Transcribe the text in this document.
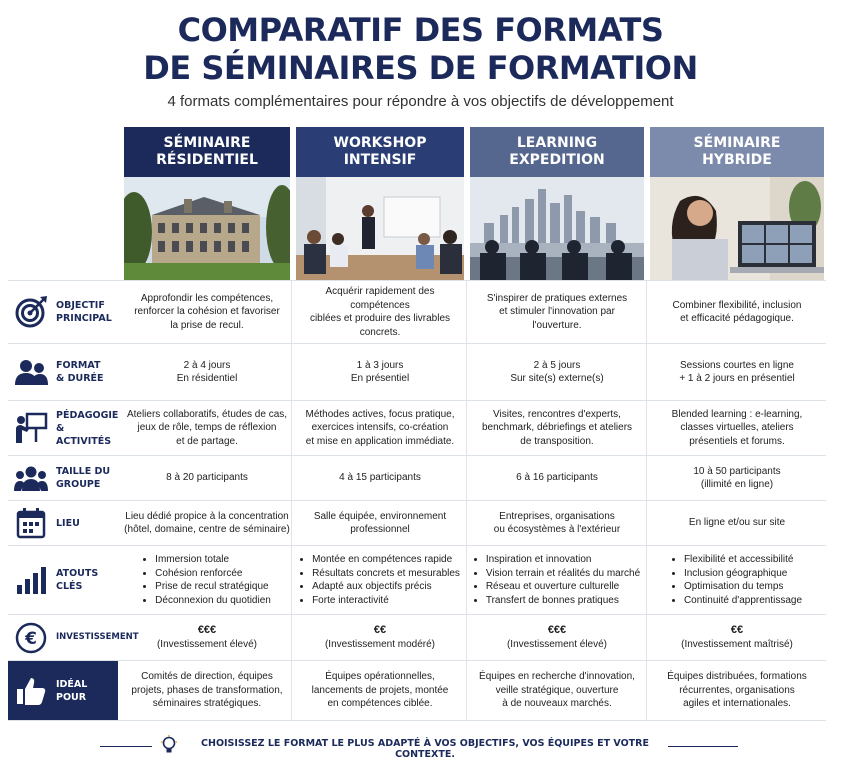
COMPARATIF DES FORMATS
DE SÉMINAIRES DE FORMATION
4 formats complémentaires pour répondre à vos objectifs de développement
SÉMINAIRE
RÉSIDENTIEL
WORKSHOP
INTENSIF
LEARNING
EXPEDITION
SÉMINAIRE
HYBRIDE
OBJECTIF
PRINCIPAL
FORMAT
& DURÉE
PÉDAGOGIE
& ACTIVITÉS
TAILLE DU
GROUPE
LIEU
ATOUTS
CLÉS
€ INVESTISSEMENT
IDÉAL POUR
Approfondir les compétences,
renforcer la cohésion et favoriser
la prise de recul.
Acquérir rapidement des compétences
ciblées et produire des livrables
concrets.
S'inspirer de pratiques externes
et stimuler l'innovation par
l'ouverture.
Combiner flexibilité, inclusion
et efficacité pédagogique.
2 à 4 jours
En résidentiel
1 à 3 jours
En présentiel
2 à 5 jours
Sur site(s) externe(s)
Sessions courtes en ligne
+ 1 à 2 jours en présentiel
Ateliers collaboratifs, études de cas,
jeux de rôle, temps de réflexion
et de partage.
Méthodes actives, focus pratique,
exercices intensifs, co-création
et mise en application immédiate.
Visites, rencontres d'experts,
benchmark, débriefings et ateliers
de transposition.
Blended learning : e-learning,
classes virtuelles, ateliers
présentiels et forums.
8 à 20 participants	4 à 15 participants	6 à 16 participants
10 à 50 participants
(illimité en ligne)
Lieu dédié propice à la concentration
(hôtel, domaine, centre de séminaire)
Salle équipée, environnement
professionnel
Entreprises, organisations
ou écosystèmes à l'extérieur
En ligne et/ou sur site
• Immersion totale
• Cohésion renforcée
• Prise de recul stratégique
• Déconnexion du quotidien
• Montée en compétences rapide
• Résultats concrets et mesurables
• Adapté aux objectifs précis
• Forte interactivité
• Inspiration et innovation
• Vision terrain et réalités du marché
• Réseau et ouverture culturelle
• Transfert de bonnes pratiques
• Flexibilité et accessibilité
• Inclusion géographique
• Optimisation du temps
• Continuité d'apprentissage
€€€
(Investissement élevé)
€€
(Investissement modéré)
€€€
(Investissement élevé)
€€
(Investissement maîtrisé)
Comités de direction, équipes
projets, phases de transformation,
séminaires stratégiques.
Équipes opérationnelles,
lancements de projets, montée
en compétences ciblée.
Équipes en recherche d'innovation,
veille stratégique, ouverture
à de nouveaux marchés.
Équipes distribuées, formations
récurrentes, organisations
agiles et internationales.
CHOISISSEZ LE FORMAT LE PLUS ADAPTÉ À VOS OBJECTIFS, VOS ÉQUIPES ET VOTRE CONTEXTE.
